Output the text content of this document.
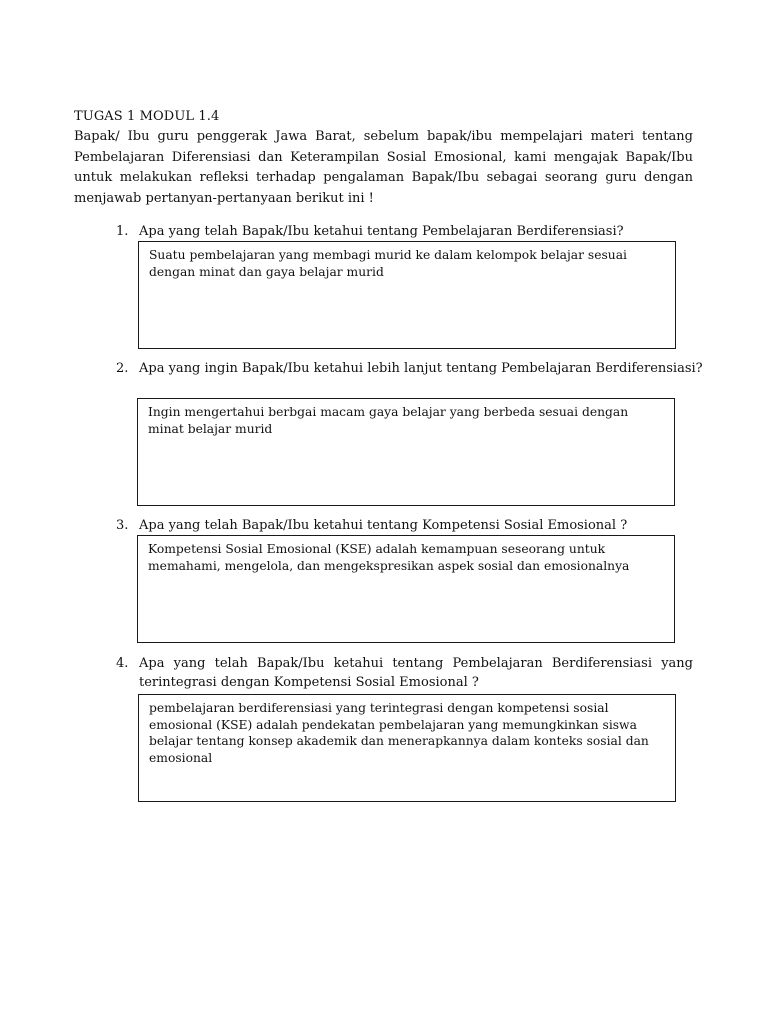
TUGAS 1 MODUL 1.4
Bapak/ Ibu guru penggerak Jawa Barat, sebelum bapak/ibu mempelajari materi tentang Pembelajaran Diferensiasi dan Keterampilan Sosial Emosional, kami mengajak Bapak/Ibu untuk melakukan refleksi terhadap pengalaman Bapak/Ibu sebagai seorang guru dengan menjawab pertanyan-pertanyaan berikut ini !
1. Apa yang telah Bapak/Ibu ketahui tentang Pembelajaran Berdiferensiasi?
Suatu pembelajaran yang membagi murid ke dalam kelompok belajar sesuai dengan minat dan gaya belajar murid
2. Apa yang ingin Bapak/Ibu ketahui lebih lanjut tentang Pembelajaran Berdiferensiasi?
Ingin mengertahui berbgai macam gaya belajar yang berbeda sesuai dengan minat belajar murid
3. Apa yang telah Bapak/Ibu ketahui tentang Kompetensi Sosial Emosional ?
Kompetensi Sosial Emosional (KSE) adalah kemampuan seseorang untuk memahami, mengelola, dan mengekspresikan aspek sosial dan emosionalnya
4. Apa yang telah Bapak/Ibu ketahui tentang Pembelajaran Berdiferensiasi yang terintegrasi dengan Kompetensi Sosial Emosional ?
pembelajaran berdiferensiasi yang terintegrasi dengan kompetensi sosial emosional (KSE) adalah pendekatan pembelajaran yang memungkinkan siswa belajar tentang konsep akademik dan menerapkannya dalam konteks sosial dan emosional
